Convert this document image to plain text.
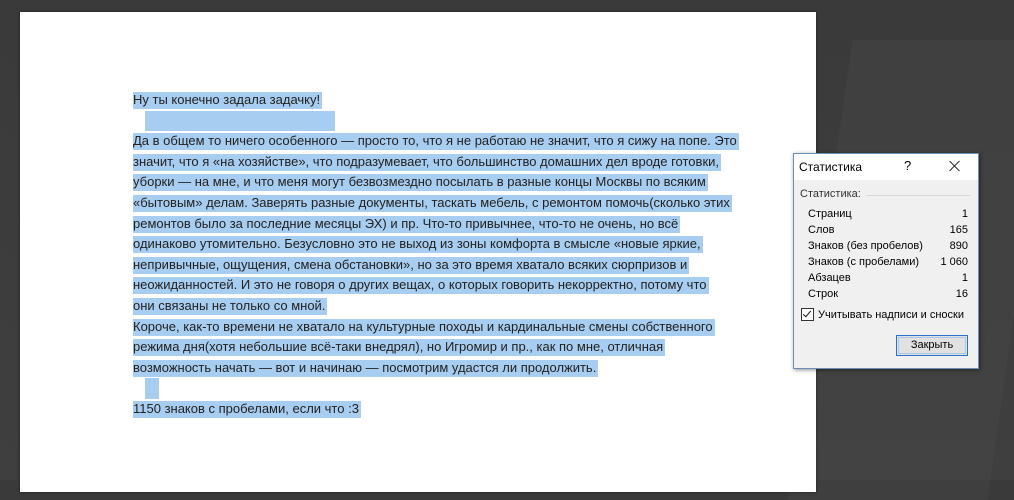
Ну ты конечно задала задачку!
Да в общем то ничего особенного — просто то, что я не работаю не значит, что я сижу на попе. Это
значит, что я «на хозяйстве», что подразумевает, что большинство домашних дел вроде готовки,
уборки — на мне, и что меня могут безвозмездно посылать в разные концы Москвы по всяким
«бытовым» делам. Заверять разные документы, таскать мебель, с ремонтом помочь(сколько этих
ремонтов было за последние месяцы ЭХ) и пр. Что-то привычнее, что-то не очень, но всё
одинаково утомительно. Безусловно это не выход из зоны комфорта в смысле «новые яркие,
непривычные, ощущения, смена обстановки», но за это время хватало всяких сюрпризов и
неожиданностей. И это не говоря о других вещах, о которых говорить некорректно, потому что
они связаны не только со мной.
Короче, как-то времени не хватало на культурные походы и кардинальные смены собственного
режима дня(хотя небольшие всё-таки внедрял), но Игромир и пр., как по мне, отличная
возможность начать — вот и начинаю — посмотрим удастся ли продолжить.
1150 знаков с пробелами, если что :3
Статистика	?
Статистика:
Страниц	1
Слов	165
Знаков (без пробелов) 890
Знаков (с пробелами) 1 060
Абзацев	1
Строк	16
Учитывать надписи и сноски
Закрыть
